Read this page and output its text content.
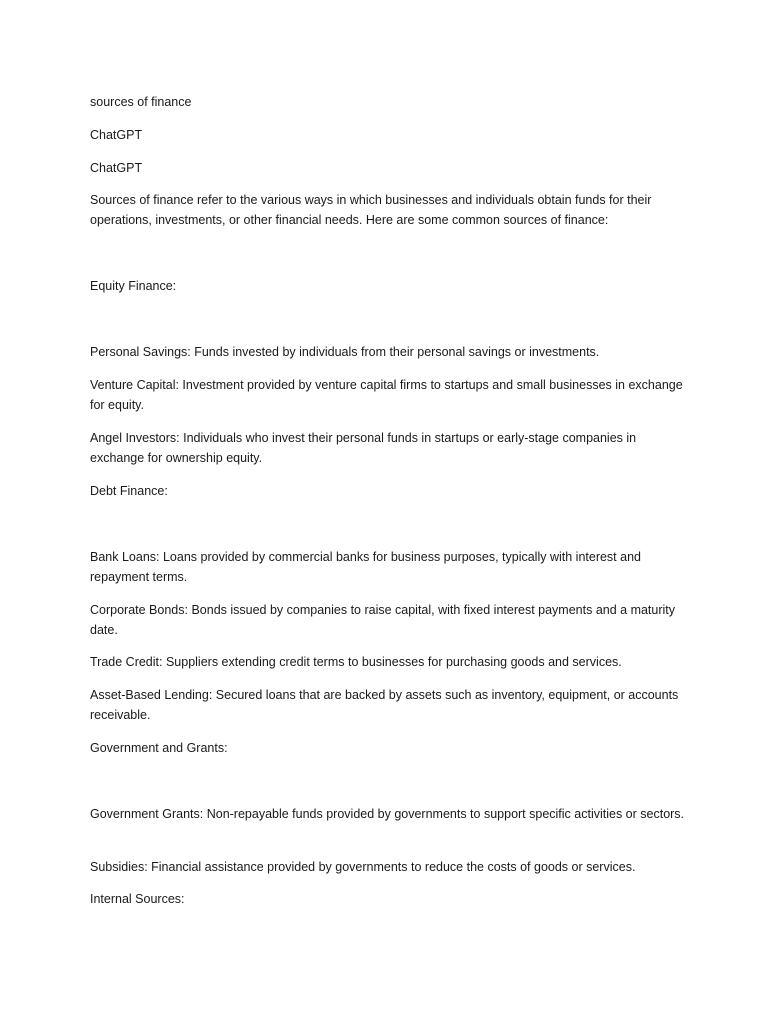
sources of finance

ChatGPT

ChatGPT

Sources of finance refer to the various ways in which businesses and individuals obtain funds for their operations, investments, or other financial needs. Here are some common sources of finance:

Equity Finance:

Personal Savings: Funds invested by individuals from their personal savings or investments.

Venture Capital: Investment provided by venture capital firms to startups and small businesses in exchange for equity.

Angel Investors: Individuals who invest their personal funds in startups or early-stage companies in exchange for ownership equity.

Debt Finance:

Bank Loans: Loans provided by commercial banks for business purposes, typically with interest and repayment terms.

Corporate Bonds: Bonds issued by companies to raise capital, with fixed interest payments and a maturity date.

Trade Credit: Suppliers extending credit terms to businesses for purchasing goods and services.

Asset-Based Lending: Secured loans that are backed by assets such as inventory, equipment, or accounts receivable.

Government and Grants:

Government Grants: Non-repayable funds provided by governments to support specific activities or sectors.

Subsidies: Financial assistance provided by governments to reduce the costs of goods or services.

Internal Sources:
